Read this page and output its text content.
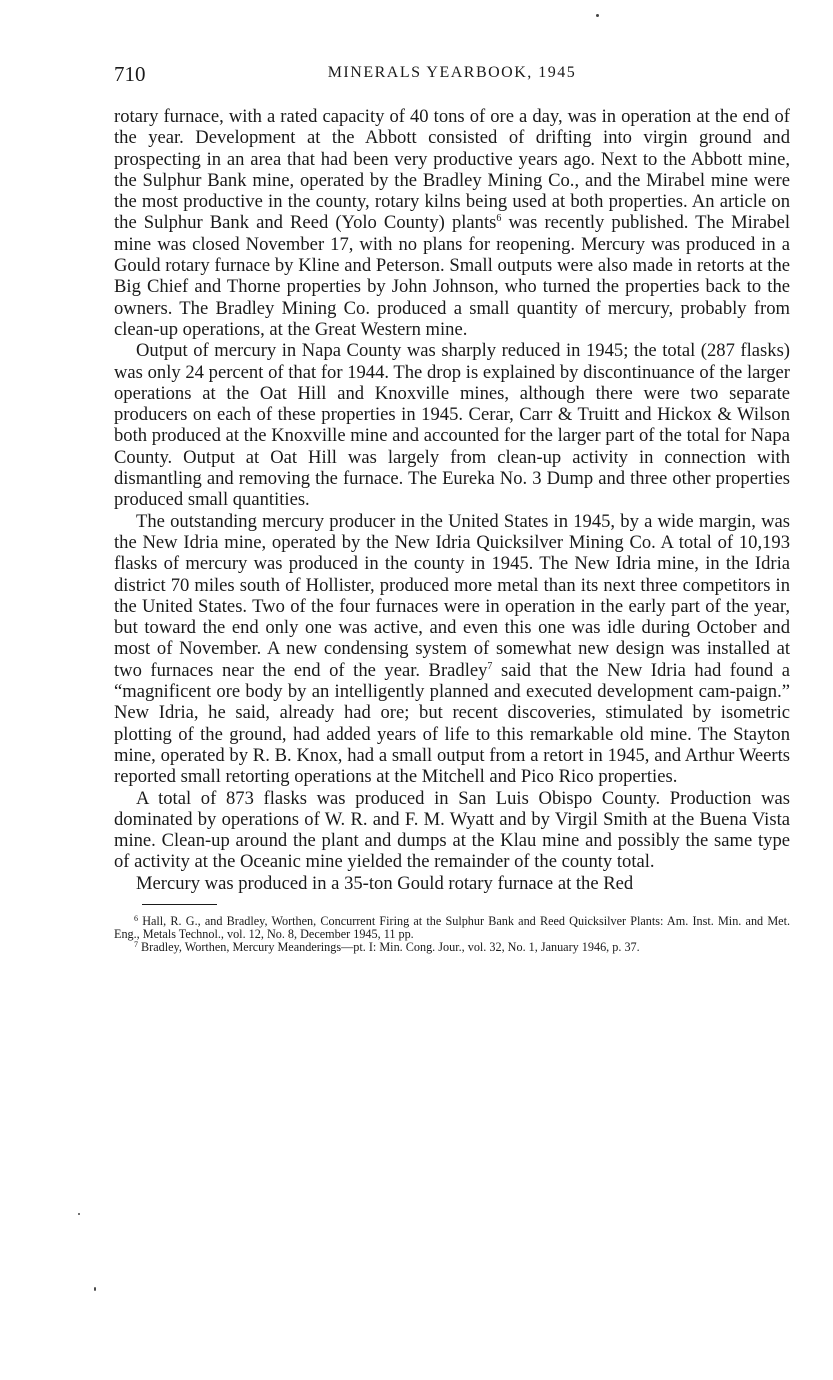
710	MINERALS YEARBOOK, 1945

rotary furnace, with a rated capacity of 40 tons of ore a day, was in operation at the end of the year. Development at the Abbott consisted of drifting into virgin ground and prospecting in an area that had been very productive years ago. Next to the Abbott mine, the Sulphur Bank mine, operated by the Bradley Mining Co., and the Mirabel mine were the most productive in the county, rotary kilns being used at both properties. An article on the Sulphur Bank and Reed (Yolo County) plants$^6$ was recently published. The Mirabel mine was closed November 17, with no plans for reopening. Mercury was produced in a Gould rotary furnace by Kline and Peterson. Small outputs were also made in retorts at the Big Chief and Thorne properties by John Johnson, who turned the properties back to the owners. The Bradley Mining Co. produced a small quantity of mercury, probably from clean-up operations, at the Great Western mine.

Output of mercury in Napa County was sharply reduced in 1945; the total (287 flasks) was only 24 percent of that for 1944. The drop is explained by discontinuance of the larger operations at the Oat Hill and Knoxville mines, although there were two separate producers on each of these properties in 1945. Cerar, Carr & Truitt and Hickox & Wilson both produced at the Knoxville mine and accounted for the larger part of the total for Napa County. Output at Oat Hill was largely from clean-up activity in connection with dismantling and removing the furnace. The Eureka No. 3 Dump and three other properties produced small quantities.

The outstanding mercury producer in the United States in 1945, by a wide margin, was the New Idria mine, operated by the New Idria Quicksilver Mining Co. A total of 10,193 flasks of mercury was produced in the county in 1945. The New Idria mine, in the Idria district 70 miles south of Hollister, produced more metal than its next three competitors in the United States. Two of the four furnaces were in operation in the early part of the year, but toward the end only one was active, and even this one was idle during October and most of November. A new condensing system of somewhat new design was installed at two furnaces near the end of the year. Bradley$^7$ said that the New Idria had found a “magnificent ore body by an intelligently planned and executed development cam-paign.” New Idria, he said, already had ore; but recent discoveries, stimulated by isometric plotting of the ground, had added years of life to this remarkable old mine. The Stayton mine, operated by R. B. Knox, had a small output from a retort in 1945, and Arthur Weerts reported small retorting operations at the Mitchell and Pico Rico properties.

A total of 873 flasks was produced in San Luis Obispo County. Production was dominated by operations of W. R. and F. M. Wyatt and by Virgil Smith at the Buena Vista mine. Clean-up around the plant and dumps at the Klau mine and possibly the same type of activity at the Oceanic mine yielded the remainder of the county total.

Mercury was produced in a 35-ton Gould rotary furnace at the Red

$^6$ Hall, R. G., and Bradley, Worthen, Concurrent Firing at the Sulphur Bank and Reed Quicksilver Plants: Am. Inst. Min. and Met. Eng., Metals Technol., vol. 12, No. 8, December 1945, 11 pp.

$^7$ Bradley, Worthen, Mercury Meanderings—pt. I: Min. Cong. Jour., vol. 32, No. 1, January 1946, p. 37.
